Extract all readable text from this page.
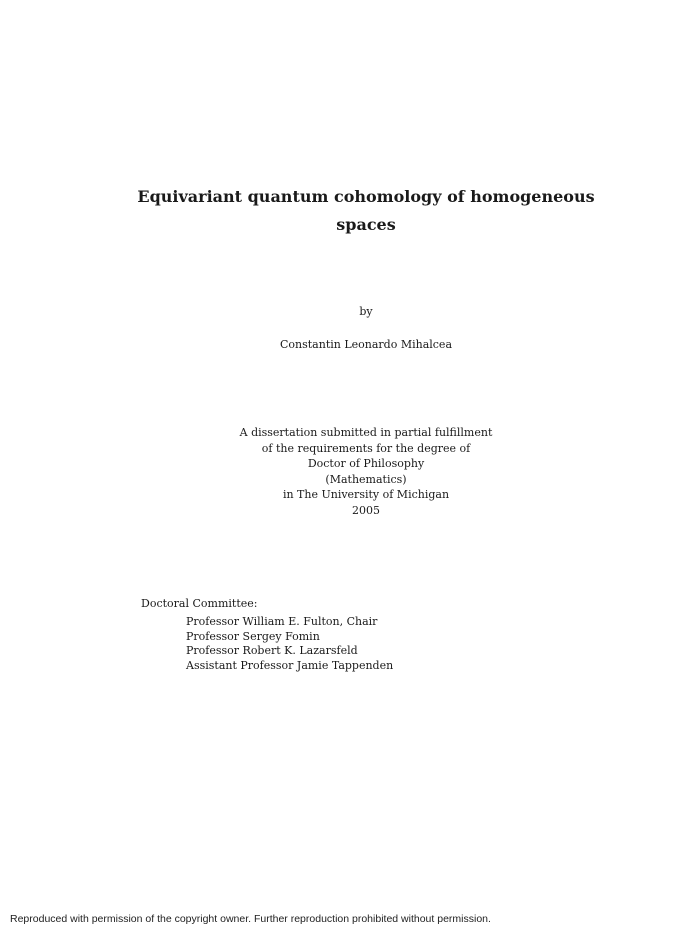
Equivariant quantum cohomology of homogeneous spaces
by
Constantin Leonardo Mihalcea
A dissertation submitted in partial fulfillment
of the requirements for the degree of
Doctor of Philosophy
(Mathematics)
in The University of Michigan
2005
Doctoral Committee:
Professor William E. Fulton, Chair
Professor Sergey Fomin
Professor Robert K. Lazarsfeld
Assistant Professor Jamie Tappenden
Reproduced with permission of the copyright owner. Further reproduction prohibited without permission.
